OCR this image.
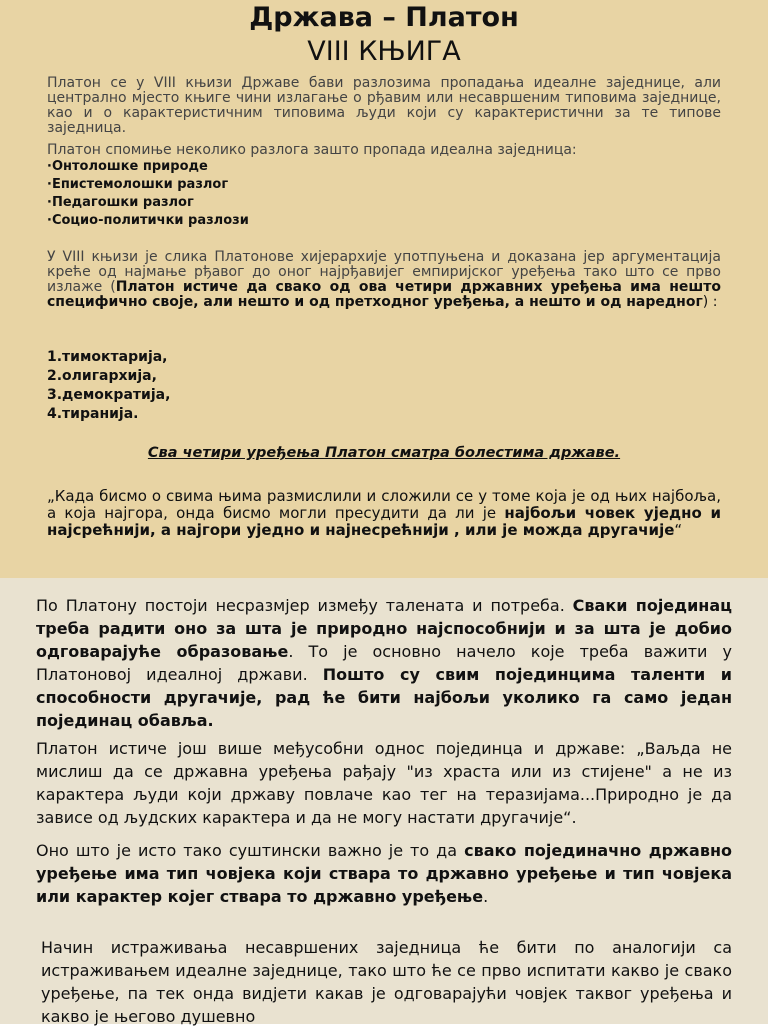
Држава – Платон
VIII КЊИГА
Платон се у VIII књизи Државе бави разлозима пропадања идеалне заједнице, али централно мјесто књиге чини излагање о рђавим или несавршеним типовима заједнице, као и о карактеристичним типовима људи који су карактеристични за те типове заједница.
Платон спомиње неколико разлога зашто пропада идеална заједница:
∙Онтолошке природе
∙Епистемолошки разлог
∙Педагошки разлог
∙Социо-политички разлози
У VIII књизи је слика Платонове хијерархије употпуњена и доказана јер аргументација креће од најмање рђавог до оног најрђавијег емпиријског уређења тако што се прво излаже (Платон истиче да свако од ова четири државних уређења има нешто специфично своје, али нешто и од претходног уређења, а нешто и од наредног) :
1.тимоктарија,
2.олигархија,
3.демократија,
4.тиранија.
Сва четири уређења Платон сматра болестима државе.
„Када бисмо о свима њима размислили и сложили се у томе која је од њих најбоља, а која најгора, онда бисмо могли пресудити да ли је најбољи човек уједно и најсрећнији, а најгори уједно и најнесрећнији , или је можда другачије“
По Платону постоји несразмјер између талената и потреба. Сваки појединац треба радити оно за шта је природно најспособнији и за шта је добио одговарајуће образовање. То је основно начело које треба важити у Платоновој идеалној држави. Пошто су свим појединцима таленти и способности другачије, рад ће бити најбољи уколико га само један појединац обавља.
Платон истиче још више међусобни однос појединца и државе: „Ваљда не мислиш да се државна уређења рађају "из храста или из стијене" а не из карактера људи који државу повлаче као тег на теразијама...Природно је да зависе од људских карактера и да не могу настати другачије“.
Оно што је исто тако суштински важно је то да свако појединачно државно уређење има тип човјека који ствара то државно уређење и тип човјека или карактер којег ствара то државно уређење.
Начин истраживања несавршених заједница ће бити по аналогији са истраживањем идеалне заједнице, тако што ће се прво испитати какво је свако уређење, па тек онда видјети какав је одговарајући човјек таквог уређења и какво је његово душевно
